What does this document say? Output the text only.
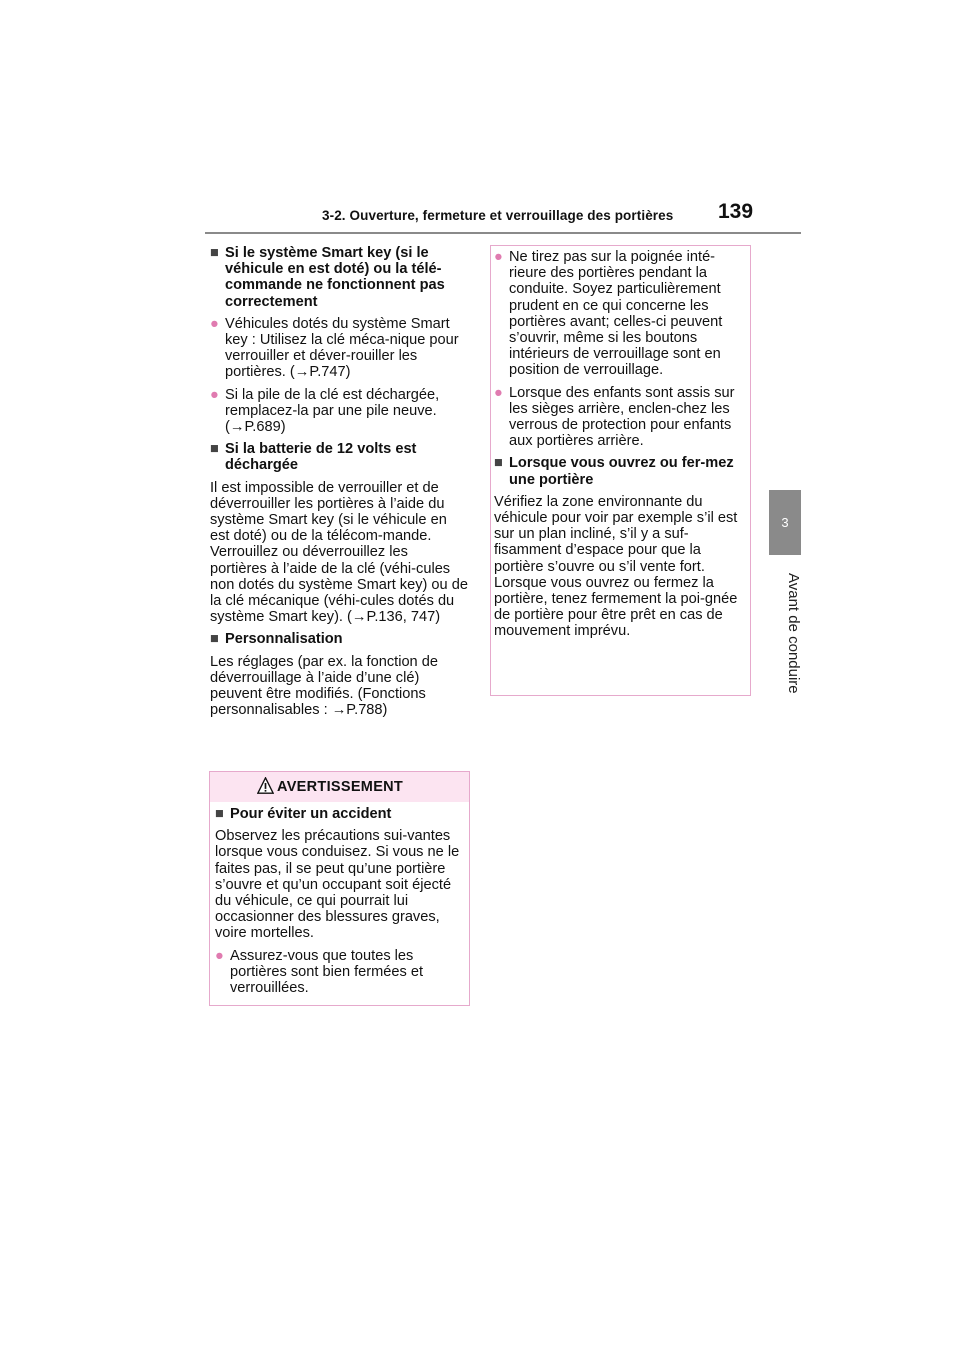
3-2. Ouverture, fermeture et verrouillage des portières 139
3
Avant de conduire
■ Si le système Smart key (si le véhicule en est doté) ou la télé-commande ne fonctionnent pas correctement
● Véhicules dotés du système Smart key : Utilisez la clé méca-nique pour verrouiller et déver-rouiller les portières. (→P.747)
● Si la pile de la clé est déchargée, remplacez-la par une pile neuve. (→P.689)
■ Si la batterie de 12 volts est déchargée
Il est impossible de verrouiller et de déverrouiller les portières à l’aide du système Smart key (si le véhicule en est doté) ou de la télécom-mande. Verrouillez ou déverrouillez les portières à l’aide de la clé (véhi-cules non dotés du système Smart key) ou de la clé mécanique (véhi-cules dotés du système Smart key). (→P.136, 747)
■ Personnalisation
Les réglages (par ex. la fonction de déverrouillage à l’aide d’une clé) peuvent être modifiés. (Fonctions personnalisables : →P.788)
AVERTISSEMENT
■ Pour éviter un accident
Observez les précautions sui-vantes lorsque vous conduisez. Si vous ne le faites pas, il se peut qu’une portière s’ouvre et qu’un occupant soit éjecté du véhicule, ce qui pourrait lui occasionner des blessures graves, voire mortelles.
● Assurez-vous que toutes les portières sont bien fermées et verrouillées.
● Ne tirez pas sur la poignée inté-rieure des portières pendant la conduite. Soyez particulièrement prudent en ce qui concerne les portières avant; celles-ci peuvent s’ouvrir, même si les boutons intérieurs de verrouillage sont en position de verrouillage.
● Lorsque des enfants sont assis sur les sièges arrière, enclen-chez les verrous de protection pour enfants aux portières arrière.
■ Lorsque vous ouvrez ou fer-mez une portière
Vérifiez la zone environnante du véhicule pour voir par exemple s’il est sur un plan incliné, s’il y a suf-fisamment d’espace pour que la portière s’ouvre ou s’il vente fort. Lorsque vous ouvrez ou fermez la portière, tenez fermement la poi-gnée de portière pour être prêt en cas de mouvement imprévu.
